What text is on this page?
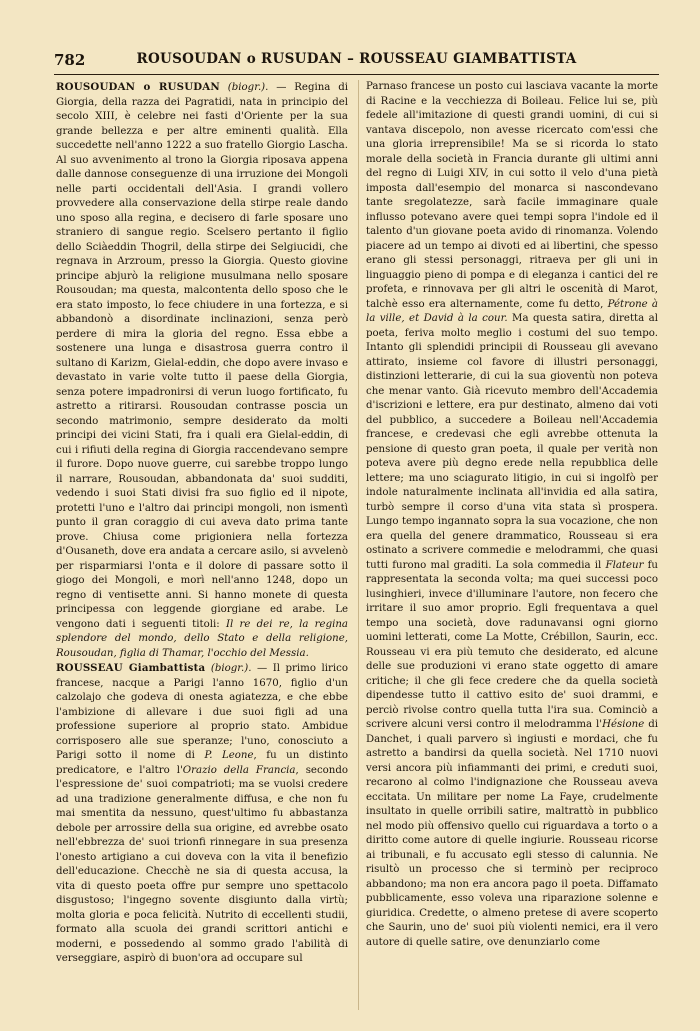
782	ROUSOUDAN o RUSUDAN – ROUSSEAU GIAMBATTISTA

ROUSOUDAN o RUSUDAN (biogr.). — Regina di Giorgia, della razza dei Pagratidi, nata in principio del secolo XIII, è celebre nei fasti d'Oriente per la sua grande bellezza e per altre eminenti qualità. Ella succedette nell'anno 1222 a suo fratello Giorgio Lascha. Al suo avvenimento al trono la Giorgia riposava appena dalle dannose conseguenze di una irruzione dei Mongoli nelle parti occidentali dell'Asia. I grandi vollero provvedere alla conservazione della stirpe reale dando uno sposo alla regina, e decisero di farle sposare uno straniero di sangue regio. Scelsero pertanto il figlio dello Sciàeddin Thogril, della stirpe dei Selgiucidi, che regnava in Arzroum, presso la Giorgia. Questo giovine principe abjurò la religione musulmana nello sposare Rousoudan; ma questa, malcontenta dello sposo che le era stato imposto, lo fece chiudere in una fortezza, e si abbandonò a disordinate inclinazioni, senza però perdere di mira la gloria del regno. Essa ebbe a sostenere una lunga e disastrosa guerra contro il sultano di Karizm, Gielal-eddin, che dopo avere invaso e devastato in varie volte tutto il paese della Giorgia, senza potere impadronirsi di verun luogo fortificato, fu astretto a ritirarsi. Rousoudan contrasse poscia un secondo matrimonio, sempre desiderato da molti principi dei vicini Stati, fra i quali era Gielal-eddin, di cui i rifiuti della regina di Giorgia raccendevano sempre il furore. Dopo nuove guerre, cui sarebbe troppo lungo il narrare, Rousoudan, abbandonata da' suoi sudditi, vedendo i suoi Stati divisi fra suo figlio ed il nipote, protetti l'uno e l'altro dai principi mongoli, non ismentì punto il gran coraggio di cui aveva dato prima tante prove. Chiusa come prigioniera nella fortezza d'Ousaneth, dove era andata a cercare asilo, si avvelenò per risparmiarsi l'onta e il dolore di passare sotto il giogo dei Mongoli, e morì nell'anno 1248, dopo un regno di ventisette anni. Si hanno monete di questa principessa con leggende giorgiane ed arabe. Le vengono dati i seguenti titoli: Il re dei re, la regina splendore del mondo, dello Stato e della religione, Rousoudan, figlia di Thamar, l'occhio del Messia.

ROUSSEAU Giambattista (biogr.). — Il primo lirico francese, nacque a Parigi l'anno 1670, figlio d'un calzolajo che godeva di onesta agiatezza, e che ebbe l'ambizione di allevare i due suoi figli ad una professione superiore al proprio stato. Ambidue corrisposero alle sue speranze; l'uno, conosciuto a Parigi sotto il nome di P. Leone, fu un distinto predicatore, e l'altro l'Orazio della Francia, secondo l'espressione de' suoi compatrioti; ma se vuolsi credere ad una tradizione generalmente diffusa, e che non fu mai smentita da nessuno, quest'ultimo fu abbastanza debole per arrossire della sua origine, ed avrebbe osato nell'ebbrezza de' suoi trionfi rinnegare in sua presenza l'onesto artigiano a cui doveva con la vita il benefizio dell'educazione. Checchè ne sia di questa accusa, la vita di questo poeta offre pur sempre uno spettacolo disgustoso; l'ingegno sovente disgiunto dalla virtù; molta gloria e poca felicità. Nutrito di eccellenti studii, formato alla scuola dei grandi scrittori antichi e moderni, e possedendo al sommo grado l'abilità di verseggiare, aspirò di buon'ora ad occupare sul

Parnaso francese un posto cui lasciava vacante la morte di Racine e la vecchiezza di Boileau. Felice lui se, più fedele all'imitazione di questi grandi uomini, di cui si vantava discepolo, non avesse ricercato com'essi che una gloria irreprensibile! Ma se si ricorda lo stato morale della società in Francia durante gli ultimi anni del regno di Luigi XIV, in cui sotto il velo d'una pietà imposta dall'esempio del monarca si nascondevano tante sregolatezze, sarà facile immaginare quale influsso potevano avere quei tempi sopra l'indole ed il talento d'un giovane poeta avido di rinomanza. Volendo piacere ad un tempo ai divoti ed ai libertini, che spesso erano gli stessi personaggi, ritraeva per gli uni in linguaggio pieno di pompa e di eleganza i cantici del re profeta, e rinnovava per gli altri le oscenità di Marot, talchè esso era alternamente, come fu detto, Pétrone à la ville, et David à la cour. Ma questa satira, diretta al poeta, feriva molto meglio i costumi del suo tempo. Intanto gli splendidi principii di Rousseau gli avevano attirato, insieme col favore di illustri personaggi, distinzioni letterarie, di cui la sua gioventù non poteva che menar vanto. Già ricevuto membro dell'Accademia d'iscrizioni e lettere, era pur destinato, almeno dai voti del pubblico, a succedere a Boileau nell'Accademia francese, e credevasi che egli avrebbe ottenuta la pensione di questo gran poeta, il quale per verità non poteva avere più degno erede nella repubblica delle lettere; ma uno sciagurato litigio, in cui si ingolfò per indole naturalmente inclinata all'invidia ed alla satira, turbò sempre il corso d'una vita stata sì prospera. Lungo tempo ingannato sopra la sua vocazione, che non era quella del genere drammatico, Rousseau si era ostinato a scrivere commedie e melodrammi, che quasi tutti furono mal graditi. La sola commedia il Flateur fu rappresentata la seconda volta; ma quei successi poco lusinghieri, invece d'illuminare l'autore, non fecero che irritare il suo amor proprio. Egli frequentava a quel tempo una società, dove radunavansi ogni giorno uomini letterati, come La Motte, Crébillon, Saurin, ecc. Rousseau vi era più temuto che desiderato, ed alcune delle sue produzioni vi erano state oggetto di amare critiche; il che gli fece credere che da quella società dipendesse tutto il cattivo esito de' suoi drammi, e perciò rivolse contro quella tutta l'ira sua. Cominciò a scrivere alcuni versi contro il melodramma l'Hésione di Danchet, i quali parvero sì ingiusti e mordaci, che fu astretto a bandirsi da quella società. Nel 1710 nuovi versi ancora più infiammanti dei primi, e creduti suoi, recarono al colmo l'indignazione che Rousseau aveva eccitata. Un militare per nome La Faye, crudelmente insultato in quelle orribili satire, maltrattò in pubblico nel modo più offensivo quello cui riguardava a torto o a diritto come autore di quelle ingiurie. Rousseau ricorse ai tribunali, e fu accusato egli stesso di calunnia. Ne risultò un processo che si terminò per reciproco abbandono; ma non era ancora pago il poeta. Diffamato pubblicamente, esso voleva una riparazione solenne e giuridica. Credette, o almeno pretese di avere scoperto che Saurin, uno de' suoi più violenti nemici, era il vero autore di quelle satire, ove denunziarlo come
